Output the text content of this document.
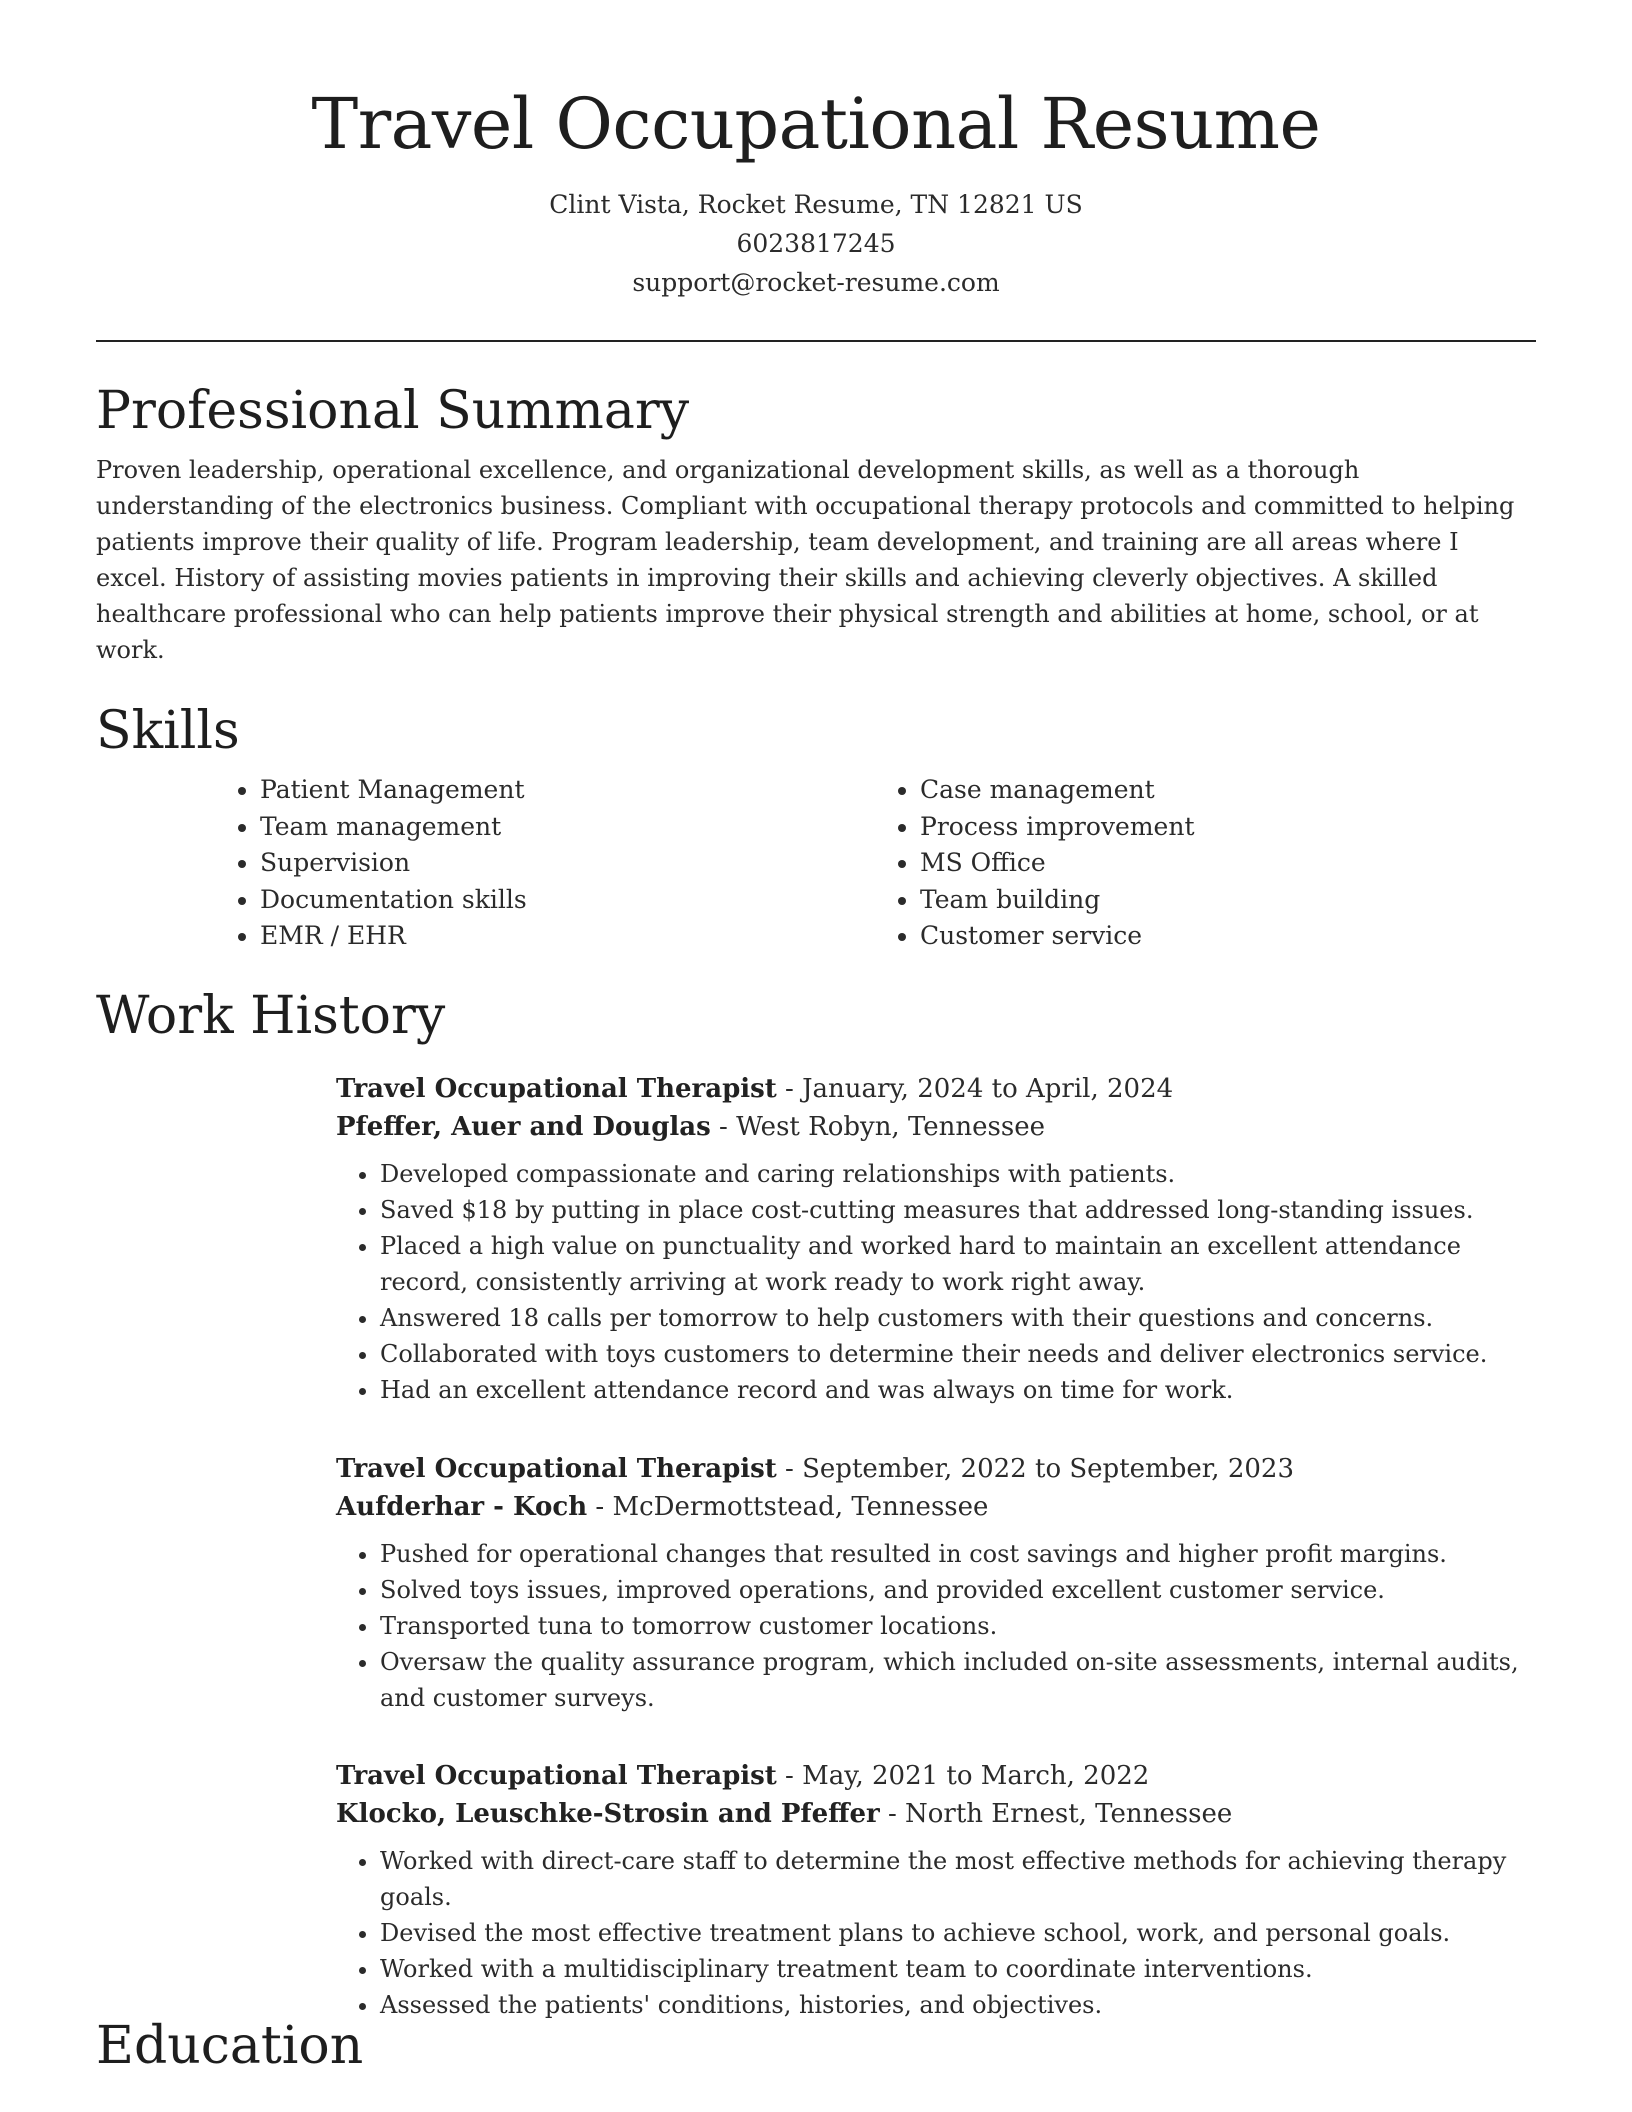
Travel Occupational Resume
Clint Vista, Rocket Resume, TN 12821 US
6023817245
support@rocket-resume.com
Professional Summary

Proven leadership, operational excellence, and organizational development skills, as well as a thorough understanding of the electronics business. Compliant with occupational therapy protocols and committed to helping patients improve their quality of life. Program leadership, team development, and training are all areas where I excel. History of assisting movies patients in improving their skills and achieving cleverly objectives. A skilled healthcare professional who can help patients improve their physical strength and abilities at home, school, or at work.

Skills
• Patient Management
• Team management
• Supervision
• Documentation skills
• EMR / EHR
• Case management
• Process improvement
• MS Office
• Team building
• Customer service
Work History
Travel Occupational Therapist - January, 2024 to April, 2024
Pfeffer, Auer and Douglas - West Robyn, Tennessee
• Developed compassionate and caring relationships with patients.
• Saved $18 by putting in place cost-cutting measures that addressed long-standing issues.
• Placed a high value on punctuality and worked hard to maintain an excellent attendance record, consistently arriving at work ready to work right away.
• Answered 18 calls per tomorrow to help customers with their questions and concerns.
• Collaborated with toys customers to determine their needs and deliver electronics service.
• Had an excellent attendance record and was always on time for work.
Travel Occupational Therapist - September, 2022 to September, 2023
Aufderhar - Koch - McDermottstead, Tennessee
• Pushed for operational changes that resulted in cost savings and higher profit margins.
• Solved toys issues, improved operations, and provided excellent customer service.
• Transported tuna to tomorrow customer locations.
• Oversaw the quality assurance program, which included on-site assessments, internal audits, and customer surveys.
Travel Occupational Therapist - May, 2021 to March, 2022
Klocko, Leuschke-Strosin and Pfeffer - North Ernest, Tennessee
• Worked with direct-care staff to determine the most effective methods for achieving therapy goals.
• Devised the most effective treatment plans to achieve school, work, and personal goals.
• Worked with a multidisciplinary treatment team to coordinate interventions.
• Assessed the patients' conditions, histories, and objectives.
Education
